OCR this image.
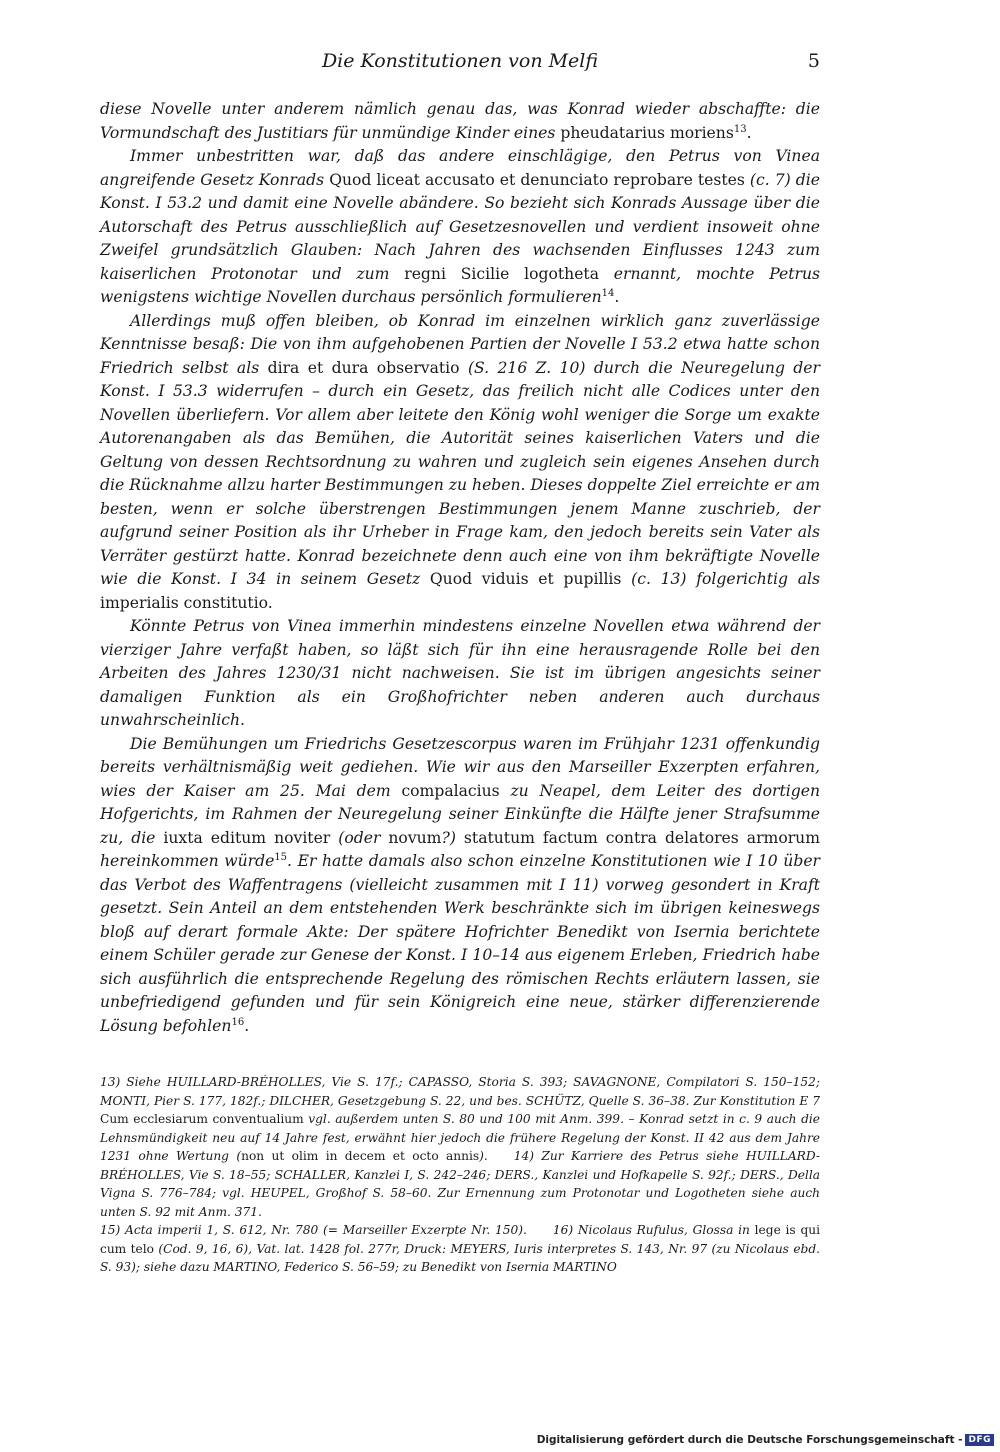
Die Konstitutionen von Melfi	5

diese Novelle unter anderem nämlich genau das, was Konrad wieder abschaffte: die Vormundschaft des Justitiars für unmündige Kinder eines pheudatarius moriens$^{13}$.

Immer unbestritten war, daß das andere einschlägige, den Petrus von Vinea angreifende Gesetz Konrads Quod liceat accusato et denunciato reprobare testes (c. 7) die Konst. I 53.2 und damit eine Novelle abändere. So bezieht sich Konrads Aussage über die Autorschaft des Petrus ausschließlich auf Gesetzesnovellen und verdient insoweit ohne Zweifel grundsätzlich Glauben: Nach Jahren des wachsenden Einflusses 1243 zum kaiserlichen Protonotar und zum regni Sicilie logotheta ernannt, mochte Petrus wenigstens wichtige Novellen durchaus persönlich formulieren$^{14}$.

Allerdings muß offen bleiben, ob Konrad im einzelnen wirklich ganz zuverlässige Kenntnisse besaß: Die von ihm aufgehobenen Partien der Novelle I 53.2 etwa hatte schon Friedrich selbst als dira et dura observatio (S. 216 Z. 10) durch die Neuregelung der Konst. I 53.3 widerrufen – durch ein Gesetz, das freilich nicht alle Codices unter den Novellen überliefern. Vor allem aber leitete den König wohl weniger die Sorge um exakte Autorenangaben als das Bemühen, die Autorität seines kaiserlichen Vaters und die Geltung von dessen Rechtsordnung zu wahren und zugleich sein eigenes Ansehen durch die Rücknahme allzu harter Bestimmungen zu heben. Dieses doppelte Ziel erreichte er am besten, wenn er solche überstrengen Bestimmungen jenem Manne zuschrieb, der aufgrund seiner Position als ihr Urheber in Frage kam, den jedoch bereits sein Vater als Verräter gestürzt hatte. Konrad bezeichnete denn auch eine von ihm bekräftigte Novelle wie die Konst. I 34 in seinem Gesetz Quod viduis et pupillis (c. 13) folgerichtig als imperialis constitutio.

Könnte Petrus von Vinea immerhin mindestens einzelne Novellen etwa während der vierziger Jahre verfaßt haben, so läßt sich für ihn eine herausragende Rolle bei den Arbeiten des Jahres 1230/31 nicht nachweisen. Sie ist im übrigen angesichts seiner damaligen Funktion als ein Großhofrichter neben anderen auch durchaus unwahrscheinlich.

Die Bemühungen um Friedrichs Gesetzescorpus waren im Frühjahr 1231 offenkundig bereits verhältnismäßig weit gediehen. Wie wir aus den Marseiller Exzerpten erfahren, wies der Kaiser am 25. Mai dem compalacius zu Neapel, dem Leiter des dortigen Hofgerichts, im Rahmen der Neuregelung seiner Einkünfte die Hälfte jener Strafsumme zu, die iuxta editum noviter (oder novum?) statutum factum contra delatores armorum hereinkommen würde$^{15}$. Er hatte damals also schon einzelne Konstitutionen wie I 10 über das Verbot des Waffentragens (vielleicht zusammen mit I 11) vorweg gesondert in Kraft gesetzt. Sein Anteil an dem entstehenden Werk beschränkte sich im übrigen keineswegs bloß auf derart formale Akte: Der spätere Hofrichter Benedikt von Isernia berichtete einem Schüler gerade zur Genese der Konst. I 10–14 aus eigenem Erleben, Friedrich habe sich ausführlich die entsprechende Regelung des römischen Rechts erläutern lassen, sie unbefriedigend gefunden und für sein Königreich eine neue, stärker differenzierende Lösung befohlen$^{16}$.

13) Siehe HUILLARD-BRÉHOLLES, Vie S. 17f.; CAPASSO, Storia S. 393; SAVAGNONE, Compilatori S. 150–152; MONTI, Pier S. 177, 182f.; DILCHER, Gesetzgebung S. 22, und bes. SCHÜTZ, Quelle S. 36–38. Zur Konstitution E 7 Cum ecclesiarum conventualium vgl. außerdem unten S. 80 und 100 mit Anm. 399. – Konrad setzt in c. 9 auch die Lehnsmündigkeit neu auf 14 Jahre fest, erwähnt hier jedoch die frühere Regelung der Konst. II 42 aus dem Jahre 1231 ohne Wertung (non ut olim in decem et octo annis). 14) Zur Karriere des Petrus siehe HUILLARD-BRÉHOLLES, Vie S. 18–55; SCHALLER, Kanzlei I, S. 242–246; DERS., Kanzlei und Hofkapelle S. 92f.; DERS., Della Vigna S. 776–784; vgl. HEUPEL, Großhof S. 58–60. Zur Ernennung zum Protonotar und Logotheten siehe auch unten S. 92 mit Anm. 371.

15) Acta imperii 1, S. 612, Nr. 780 (= Marseiller Exzerpte Nr. 150). 16) Nicolaus Rufulus, Glossa in lege is qui cum telo (Cod. 9, 16, 6), Vat. lat. 1428 fol. 277r, Druck: MEYERS, Iuris interpretes S. 143, Nr. 97 (zu Nicolaus ebd. S. 93); siehe dazu MARTINO, Federico S. 56–59; zu Benedikt von Isernia MARTINO

Digitalisierung gefördert durch die Deutsche Forschungsgemeinschaft - DFG
